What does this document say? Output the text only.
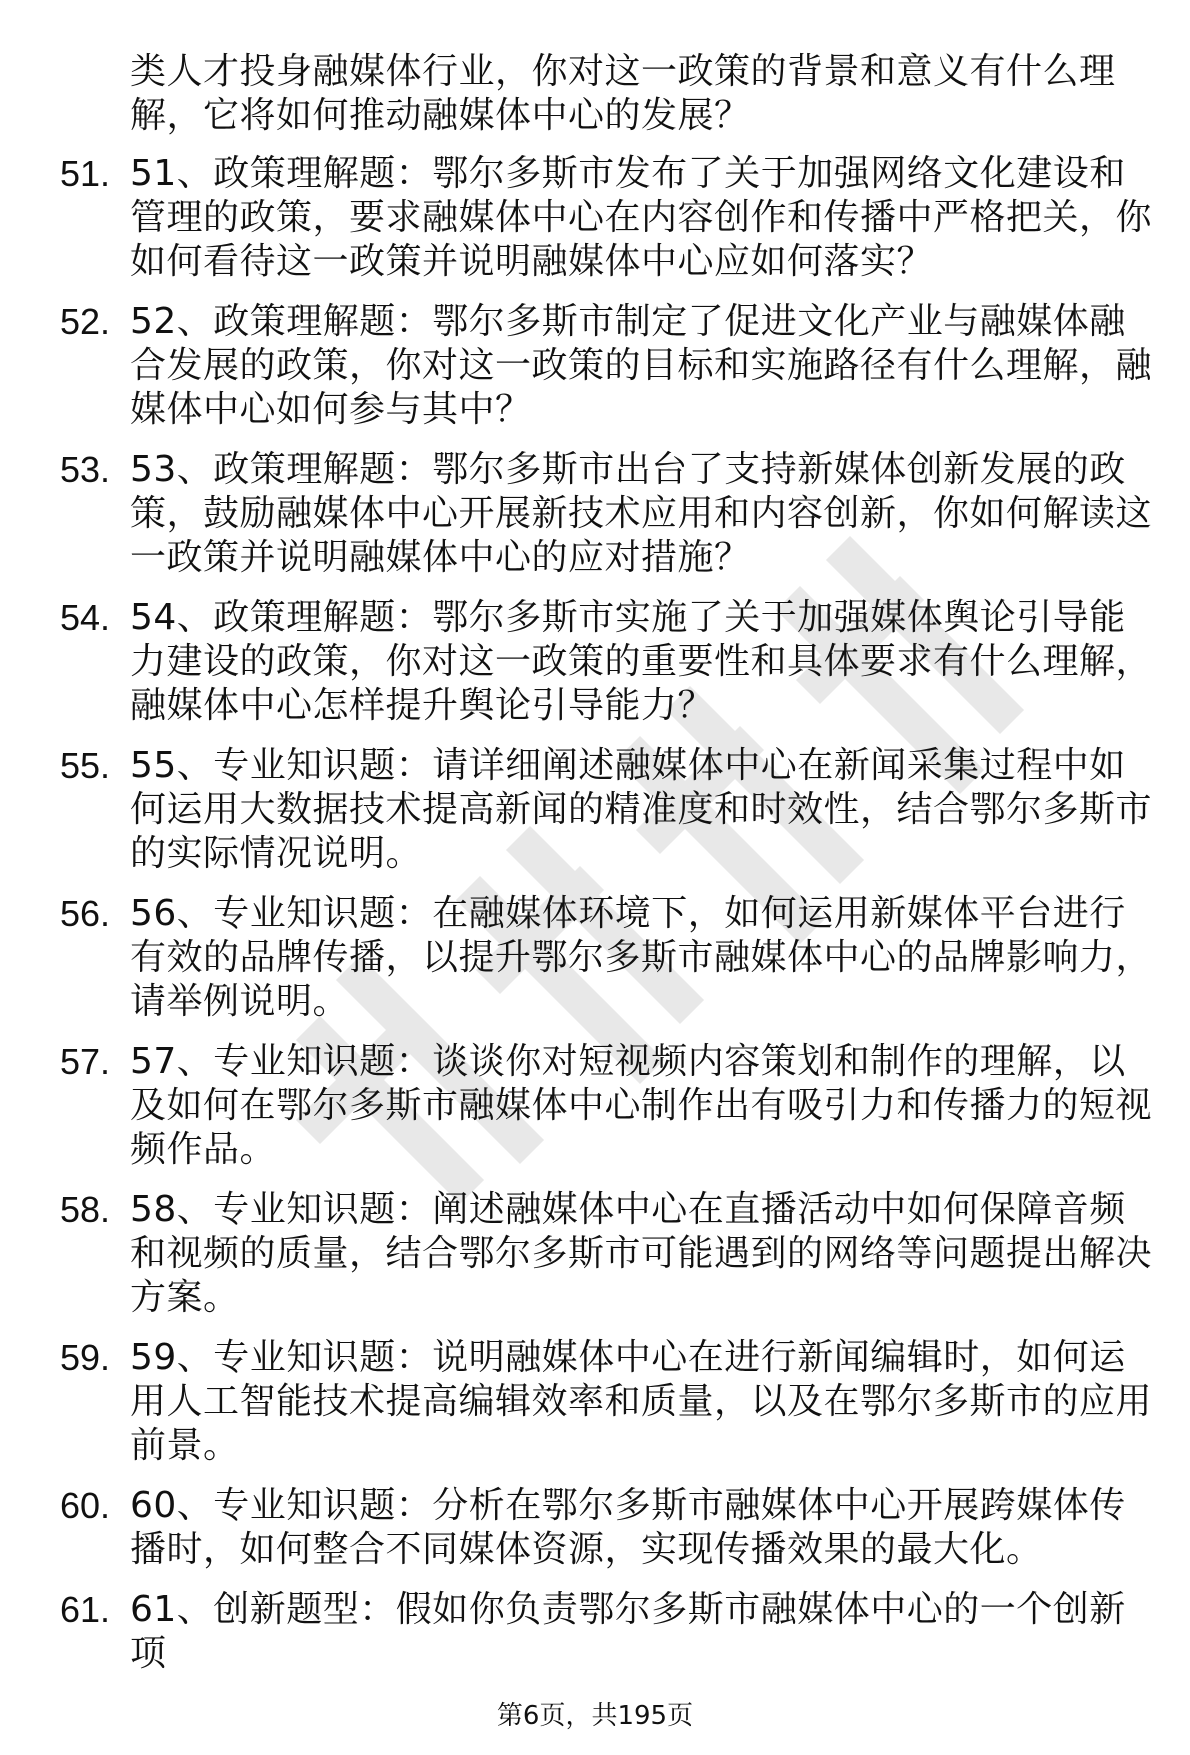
类人才投身融媒体行业，你对这一政策的背景和意义有什么理解，它将如何推动融媒体中心的发展？
51. 51、政策理解题：鄂尔多斯市发布了关于加强网络文化建设和管理的政策，要求融媒体中心在内容创作和传播中严格把关，你如何看待这一政策并说明融媒体中心应如何落实？
52. 52、政策理解题：鄂尔多斯市制定了促进文化产业与融媒体融合发展的政策，你对这一政策的目标和实施路径有什么理解，融媒体中心如何参与其中？
53. 53、政策理解题：鄂尔多斯市出台了支持新媒体创新发展的政策，鼓励融媒体中心开展新技术应用和内容创新，你如何解读这一政策并说明融媒体中心的应对措施？
54. 54、政策理解题：鄂尔多斯市实施了关于加强媒体舆论引导能力建设的政策，你对这一政策的重要性和具体要求有什么理解，融媒体中心怎样提升舆论引导能力？
55. 55、专业知识题：请详细阐述融媒体中心在新闻采集过程中如何运用大数据技术提高新闻的精准度和时效性，结合鄂尔多斯市的实际情况说明。
56. 56、专业知识题：在融媒体环境下，如何运用新媒体平台进行有效的品牌传播，以提升鄂尔多斯市融媒体中心的品牌影响力，请举例说明。
57. 57、专业知识题：谈谈你对短视频内容策划和制作的理解，以及如何在鄂尔多斯市融媒体中心制作出有吸引力和传播力的短视频作品。
58. 58、专业知识题：阐述融媒体中心在直播活动中如何保障音频和视频的质量，结合鄂尔多斯市可能遇到的网络等问题提出解决方案。
59. 59、专业知识题：说明融媒体中心在进行新闻编辑时，如何运用人工智能技术提高编辑效率和质量，以及在鄂尔多斯市的应用前景。
60. 60、专业知识题：分析在鄂尔多斯市融媒体中心开展跨媒体传播时，如何整合不同媒体资源，实现传播效果的最大化。
61. 61、创新题型：假如你负责鄂尔多斯市融媒体中心的一个创新项
第6页，共195页
